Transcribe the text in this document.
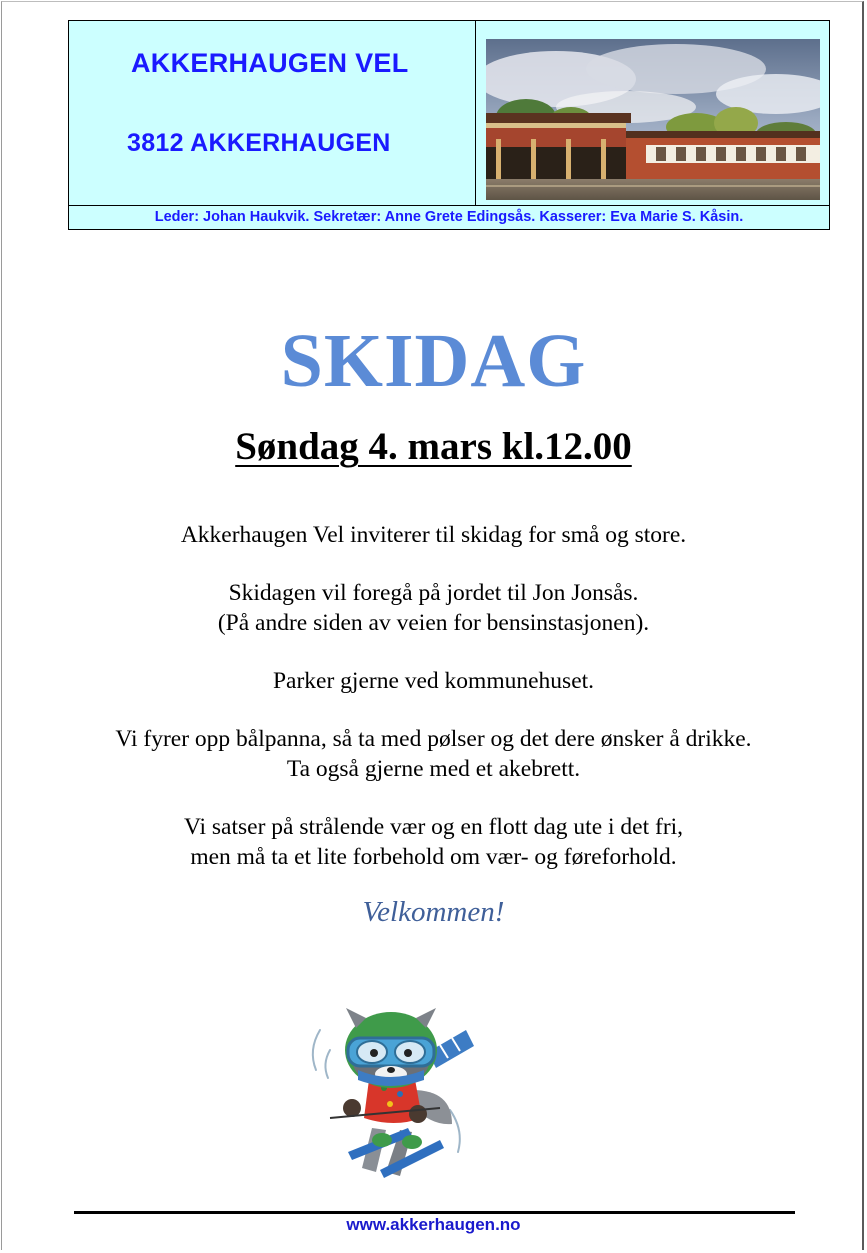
AKKERHAUGEN VEL
3812 AKKERHAUGEN
Leder: Johan Haukvik. Sekretær: Anne Grete Edingsås. Kasserer: Eva Marie S. Kåsin.
SKIDAG
Søndag 4. mars kl.12.00
Akkerhaugen Vel inviterer til skidag for små og store.
Skidagen vil foregå på jordet til Jon Jonsås.
(På andre siden av veien for bensinstasjonen).
Parker gjerne ved kommunehuset.
Vi fyrer opp bålpanna, så ta med pølser og det dere ønsker å drikke.
Ta også gjerne med et akebrett.
Vi satser på strålende vær og en flott dag ute i det fri,
men må ta et lite forbehold om vær- og føreforhold.
Velkommen!
www.akkerhaugen.no
